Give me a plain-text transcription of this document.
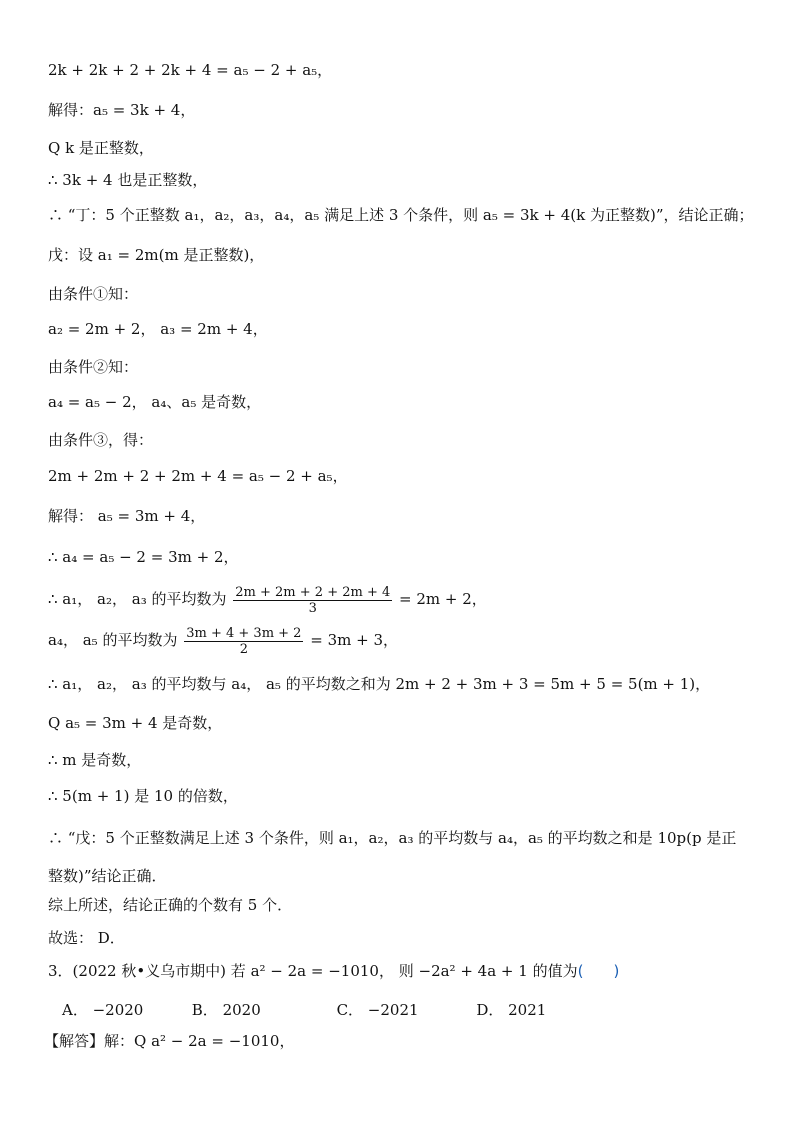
2k + 2k + 2 + 2k + 4 = a₅ − 2 + a₅，
解得：a₅ = 3k + 4，
Q k 是正整数，
∴ 3k + 4 也是正整数，
∴ “丁：5 个正整数 a₁，a₂，a₃，a₄，a₅ 满足上述 3 个条件，则 a₅ = 3k + 4(k 为正整数)”，结论正确；
戊：设 a₁ = 2m(m 是正整数)，
由条件①知：
a₂ = 2m + 2， a₃ = 2m + 4，
由条件②知：
a₄ = a₅ − 2， a₄、a₅ 是奇数，
由条件③，得：
2m + 2m + 2 + 2m + 4 = a₅ − 2 + a₅，
解得： a₅ = 3m + 4，
∴ a₄ = a₅ − 2 = 3m + 2，
∴ a₁， a₂， a₃ 的平均数为 $\frac{2m + 2m + 2 + 2m + 4}{3} = 2m + 2$，
a₄， a₅ 的平均数为 $\frac{3m + 4 + 3m + 2}{2} = 3m + 3$，
∴ a₁， a₂， a₃ 的平均数与 a₄， a₅ 的平均数之和为 2m + 2 + 3m + 3 = 5m + 5 = 5(m + 1)，
Q a₅ = 3m + 4 是奇数，
∴ m 是奇数，
∴ 5(m + 1) 是 10 的倍数，
∴ “戊：5 个正整数满足上述 3 个条件，则 a₁，a₂，a₃ 的平均数与 a₄，a₅ 的平均数之和是 10p(p 是正
整数)”结论正确．
综上所述，结论正确的个数有 5 个．
故选： D．
3．(2022 秋•义乌市期中) 若 a² − 2a = −1010， 则 −2a² + 4a + 1 的值为(　　)
A． −2020	B． 2020	C． −2021	D． 2021
【解答】解：Q a² − 2a = −1010，
